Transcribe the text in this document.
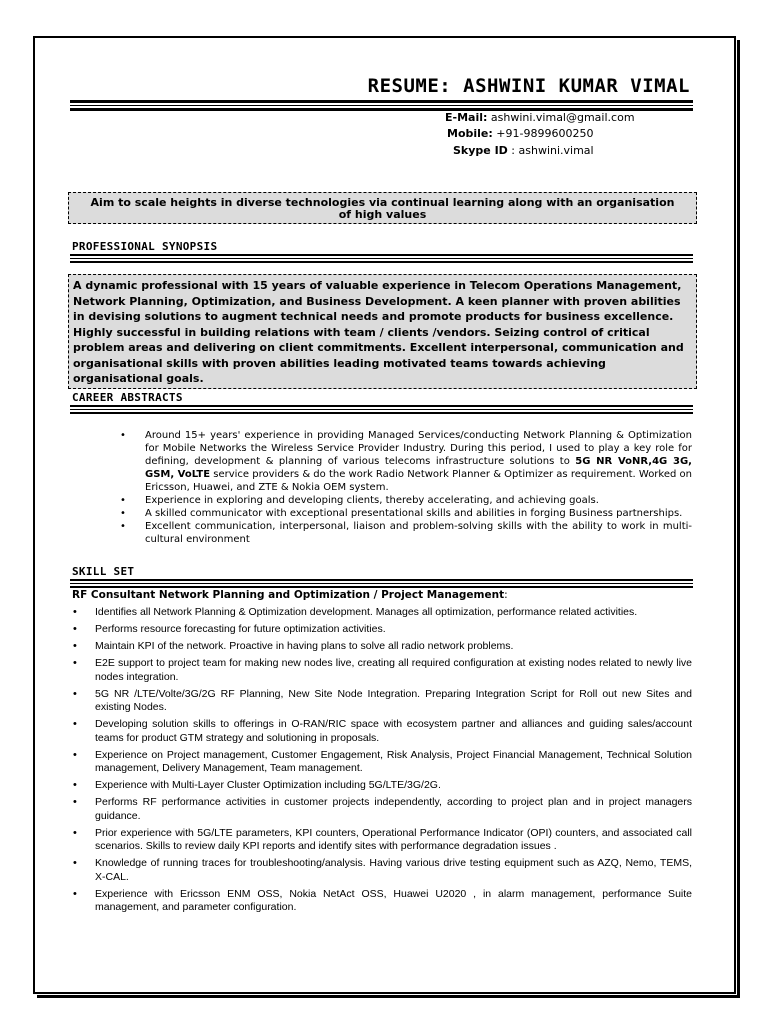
RESUME: ASHWINI KUMAR VIMAL
E-Mail: ashwini.vimal@gmail.com
Mobile: +91-9899600250
Skype ID : ashwini.vimal
Aim to scale heights in diverse technologies via continual learning along with an organisation of high values
PROFESSIONAL SYNOPSIS
A dynamic professional with 15 years of valuable experience in Telecom Operations Management, Network Planning, Optimization, and Business Development. A keen planner with proven abilities in devising solutions to augment technical needs and promote products for business excellence. Highly successful in building relations with team / clients /vendors. Seizing control of critical problem areas and delivering on client commitments. Excellent interpersonal, communication and organisational skills with proven abilities leading motivated teams towards achieving organisational goals.
CAREER ABSTRACTS
• Around 15+ years' experience in providing Managed Services/conducting Network Planning & Optimization for Mobile Networks the Wireless Service Provider Industry. During this period, I used to play a key role for defining, development & planning of various telecoms infrastructure solutions to 5G NR VoNR,4G 3G, GSM, VoLTE service providers & do the work Radio Network Planner & Optimizer as requirement. Worked on Ericsson, Huawei, and ZTE & Nokia OEM system.
• Experience in exploring and developing clients, thereby accelerating, and achieving goals.
• A skilled communicator with exceptional presentational skills and abilities in forging Business partnerships.
• Excellent communication, interpersonal, liaison and problem-solving skills with the ability to work in multi-cultural environment
SKILL SET
RF Consultant Network Planning and Optimization / Project Management:
• Identifies all Network Planning & Optimization development. Manages all optimization, performance related activities.
• Performs resource forecasting for future optimization activities.
• Maintain KPI of the network. Proactive in having plans to solve all radio network problems.
• E2E support to project team for making new nodes live, creating all required configuration at existing nodes related to newly live nodes integration.
• 5G NR /LTE/Volte/3G/2G RF Planning, New Site Node Integration. Preparing Integration Script for Roll out new Sites and existing Nodes.
• Developing solution skills to offerings in O-RAN/RIC space with ecosystem partner and alliances and guiding sales/account teams for product GTM strategy and solutioning in proposals.
• Experience on Project management, Customer Engagement, Risk Analysis, Project Financial Management, Technical Solution management, Delivery Management, Team management.
• Experience with Multi-Layer Cluster Optimization including 5G/LTE/3G/2G.
• Performs RF performance activities in customer projects independently, according to project plan and in project managers guidance.
• Prior experience with 5G/LTE parameters, KPI counters, Operational Performance Indicator (OPI) counters, and associated call scenarios. Skills to review daily KPI reports and identify sites with performance degradation issues .
• Knowledge of running traces for troubleshooting/analysis. Having various drive testing equipment such as AZQ, Nemo, TEMS, X-CAL.
• Experience with Ericsson ENM OSS, Nokia NetAct OSS, Huawei U2020 , in alarm management, performance Suite management, and parameter configuration.
